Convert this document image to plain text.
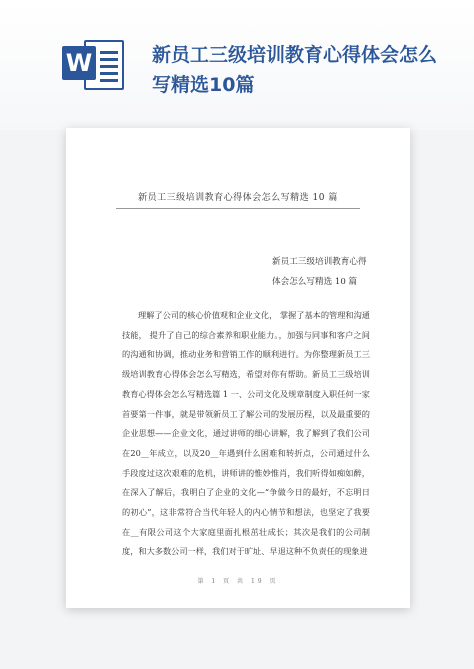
W	新员工三级培训教育心得体会怎么写精选10篇
新员工三级培训教育心得体会怎么写精选 10 篇
新员工三级培训教育心得体会怎么写精选 10 篇
理解了公司的核心价值观和企业文化， 掌握了基本的管理和沟通技能， 提升了自己的综合素养和职业能力。，加强与同事和客户之间的沟通和协调，推动业务和营销工作的顺利进行。为你整理新员工三级培训教育心得体会怎么写精选，希望对你有帮助。新员工三级培训教育心得体会怎么写精选篇 1 一、公司文化及规章制度入职任何一家首要第一件事，就是带领新员工了解公司的发展历程，以及最重要的企业思想——企业文化，通过讲师的细心讲解，我了解到了我们公司在20__年成立，以及20__年遇到什么困难和转折点，公司通过什么手段度过这次艰难的危机，讲师讲的惟妙惟肖，我们听得如痴如醉，在深入了解后，我明白了企业的文化—“争做今日的最好，不忘明日的初心”，这非常符合当代年轻人的内心情节和想法，也坚定了我要在__有限公司这个大家庭里面扎根茁壮成长；其次是我们的公司制度，和大多数公司一样，我们对于旷址、早退这种不负责任的现象进
第 1 页 共 19 页
